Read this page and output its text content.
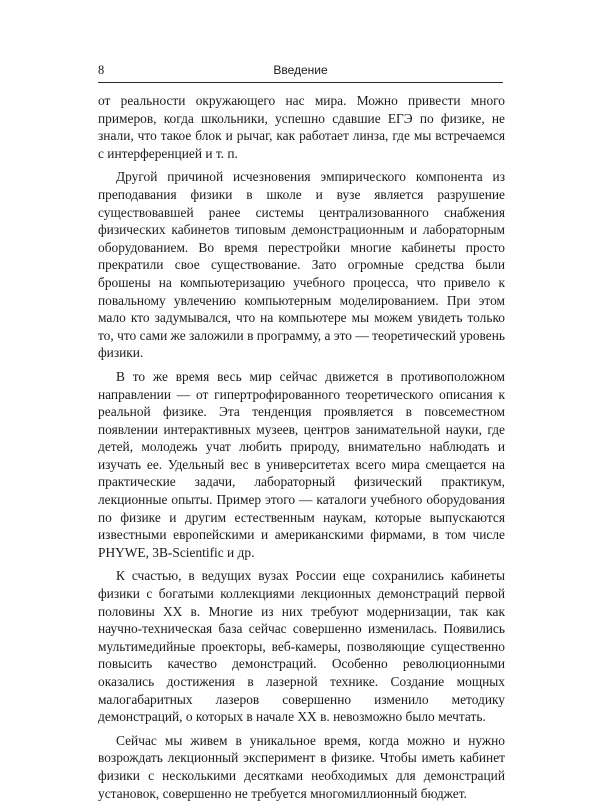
8	Введение

от реальности окружающего нас мира. Можно привести много примеров, когда школьники, успешно сдавшие ЕГЭ по физике, не знали, что такое блок и рычаг, как работает линза, где мы встречаемся с интерференцией и т. п.

Другой причиной исчезновения эмпирического компонента из преподавания физики в школе и вузе является разрушение существовавшей ранее системы централизованного снабжения физических кабинетов типовым демонстрационным и лабораторным оборудованием. Во время перестройки многие кабинеты просто прекратили свое существование. Зато огромные средства были брошены на компьютеризацию учебного процесса, что привело к повальному увлечению компьютерным моделированием. При этом мало кто задумывался, что на компьютере мы можем увидеть только то, что сами же заложили в программу, а это — теоретический уровень физики.

В то же время весь мир сейчас движется в противоположном направлении — от гипертрофированного теоретического описания к реальной физике. Эта тенденция проявляется в повсеместном появлении интерактивных музеев, центров занимательной науки, где детей, молодежь учат любить природу, внимательно наблюдать и изучать ее. Удельный вес в университетах всего мира смещается на практические задачи, лабораторный физический практикум, лекционные опыты. Пример этого — каталоги учебного оборудования по физике и другим естественным наукам, которые выпускаются известными европейскими и американскими фирмами, в том числе PHYWE, 3B-Scientific и др.

К счастью, в ведущих вузах России еще сохранились кабинеты физики с богатыми коллекциями лекционных демонстраций первой половины XX в. Многие из них требуют модернизации, так как научно-техническая база сейчас совершенно изменилась. Появились мультимедийные проекторы, веб-камеры, позволяющие существенно повысить качество демонстраций. Особенно революционными оказались достижения в лазерной технике. Создание мощных малогабаритных лазеров совершенно изменило методику демонстраций, о которых в начале XX в. невозможно было мечтать.

Сейчас мы живем в уникальное время, когда можно и нужно возрождать лекционный эксперимент в физике. Чтобы иметь кабинет физики с несколькими десятками необходимых для демонстраций установок, совершенно не требуется многомиллионный бюджет.
